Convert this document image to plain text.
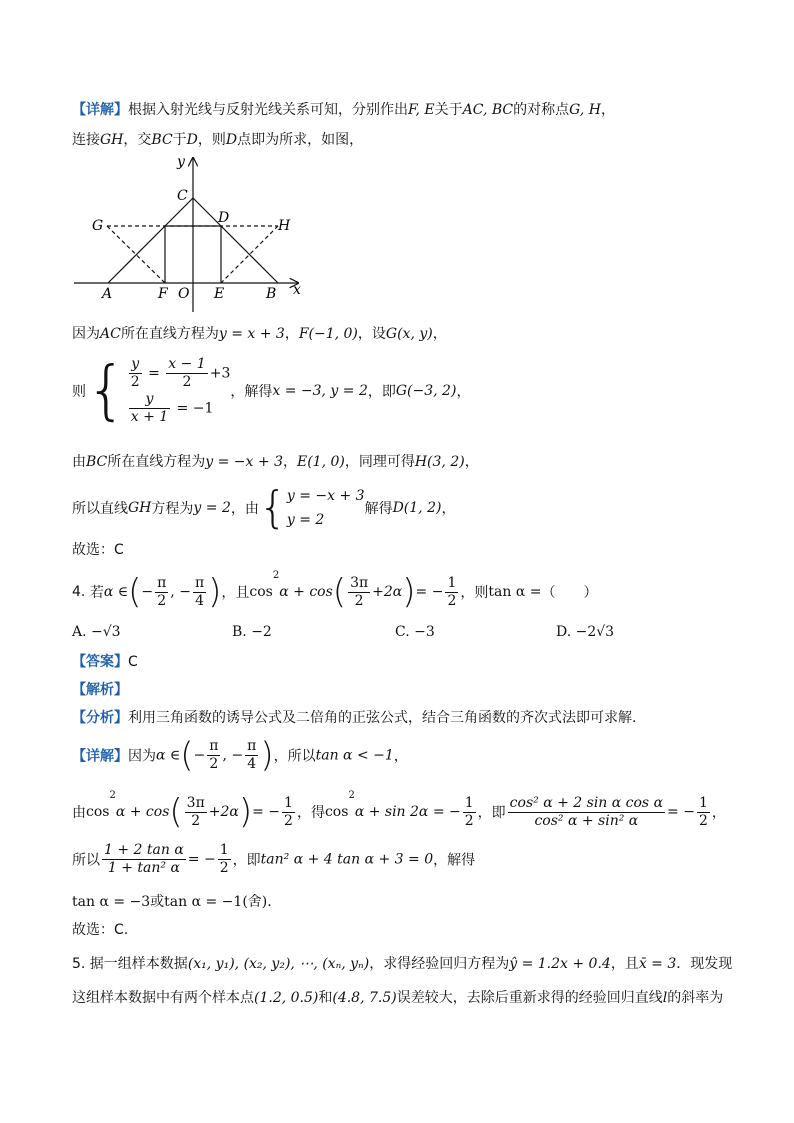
【详解】根据入射光线与反射光线关系可知，分别作出F, E关于AC, BC的对称点G, H，
连接GH，交BC于D，则D点即为所求，如图，
y
x
C
D
G	H
A	F O E	B
因为AC所在直线方程为y = x + 3，F(−1, 0)，设G(x, y)，
则{ $\frac{y}{2} = \frac{x - 1}{2} +3$
$\frac{y}{x + 1} = -1$
，解得x = −3, y = 2，即G(−3, 2)，
由BC所在直线方程为y = −x + 3，E(1, 0)，同理可得H(3, 2)，
所以直线GH方程为y = 2，由{ y = −x + 3
y = 2
解得D(1, 2)，
故选：C
4. 若α ∈(− $\frac{\pi}{2}$ , − $\frac{\pi}{4}$ )，且$\cos^2\alpha + \cos( \frac{3\pi}{2} +2\alpha)= - \frac{1}{2}$ ，则tan α =（　　）
A. −√3	B. −2	C. −3	D. −2√3
【答案】C
【解析】
【分析】利用三角函数的诱导公式及二倍角的正弦公式，结合三角函数的齐次式法即可求解.
【详解】因为α ∈(− $\frac{\pi}{2}$ , − $\frac{\pi}{4}$ )，所以tan α < −1，
由$\cos^2\alpha + \cos( \frac{3\pi}{2} +2\alpha)= - \frac{1}{2}$ ，得$\cos^2\alpha + \sin 2\alpha$ = − $\frac{1}{2}$ ，即 $\frac{\text{cos² α + 2 sin α cos α}}{\text{cos² α + sin² α}}$ = − $\frac{1}{2}$ ，
所以 $\frac{\text{1 + 2 tan α}}{\text{1 + tan² α}}$ = − $\frac{1}{2}$ ，即tan² α + 4 tan α + 3 = 0，解得
tan α = −3或tan α = −1(舍).
故选：C.
5. 据一组样本数据(x₁, y₁), (x₂, y₂), ⋯, (xₙ, yₙ)，求得经验回归方程为ŷ = 1.2x + 0.4，且x̄ = 3．现发现
这组样本数据中有两个样本点(1.2, 0.5)和(4.8, 7.5)误差较大，去除后重新求得的经验回归直线l的斜率为
